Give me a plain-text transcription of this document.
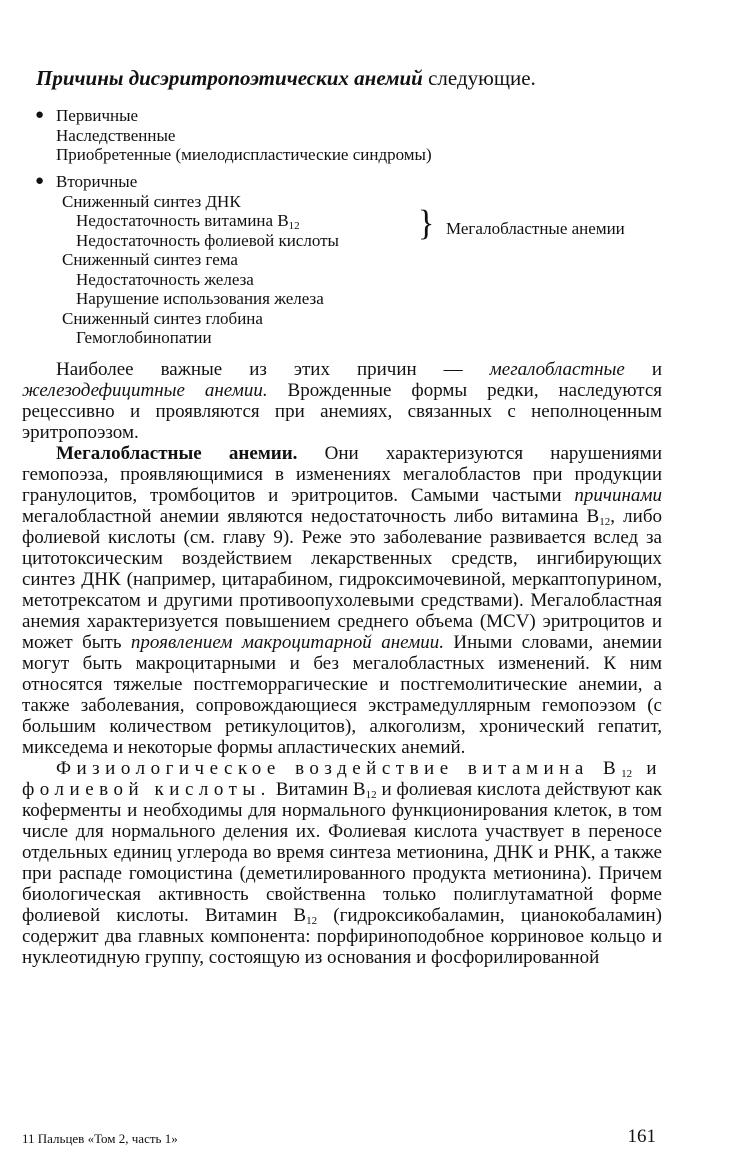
Причины дисэритропоэтических анемий следующие.
● Первичные
Наследственные
Приобретенные (миелодиспластические синдромы)
● Вторичные
Сниженный синтез ДНК
Недостаточность витамина $B_{12}$
Недостаточность фолиевой кислоты
Сниженный синтез гема
Недостаточность железа
Нарушение использования железа
Сниженный синтез глобина
Гемоглобинопатии
} Мегалобластные анемии

Наиболее важные из этих причин — мегалобластные и железодефицитные анемии. Врожденные формы редки, наследуются рецессивно и проявляются при анемиях, связанных с неполноценным эритропоэзом.

Мегалобластные анемии. Они характеризуются нарушениями гемопоэза, проявляющимися в изменениях мегалобластов при продукции гранулоцитов, тромбоцитов и эритроцитов. Самыми частыми причинами мегалобластной анемии являются недостаточность либо витамина $B_{12}$, либо фолиевой кислоты (см. главу 9). Реже это заболевание развивается вслед за цитотоксическим воздействием лекарственных средств, ингибирующих синтез ДНК (например, цитарабином, гидроксимочевиной, меркаптопурином, метотрексатом и другими противоопухолевыми средствами). Мегалобластная анемия характеризуется повышением среднего объема (MCV) эритроцитов и может быть проявлением макроцитарной анемии. Иными словами, анемии могут быть макроцитарными и без мегалобластных изменений. К ним относятся тяжелые постгеморрагические и постгемолитические анемии, а также заболевания, сопровождающиеся экстрамедуллярным гемопоэзом (с большим количеством ретикулоцитов), алкоголизм, хронический гепатит, микседема и некоторые формы апластических анемий.

Физиологическое воздействие витамина $B_{12}$ и фолиевой кислоты. Витамин $B_{12}$ и фолиевая кислота действуют как коферменты и необходимы для нормального функционирования клеток, в том числе для нормального деления их. Фолиевая кислота участвует в переносе отдельных единиц углерода во время синтеза метионина, ДНК и РНК, а также при распаде гомоцистина (деметилированного продукта метионина). Причем биологическая активность свойственна только полиглутаматной форме фолиевой кислоты. Витамин $B_{12}$ (гидроксикобаламин, цианокобаламин) содержит два главных компонента: порфириноподобное корриновое кольцо и нуклеотидную группу, состоящую из основания и фосфорилированной

11 Пальцев «Том 2, часть 1»	161
